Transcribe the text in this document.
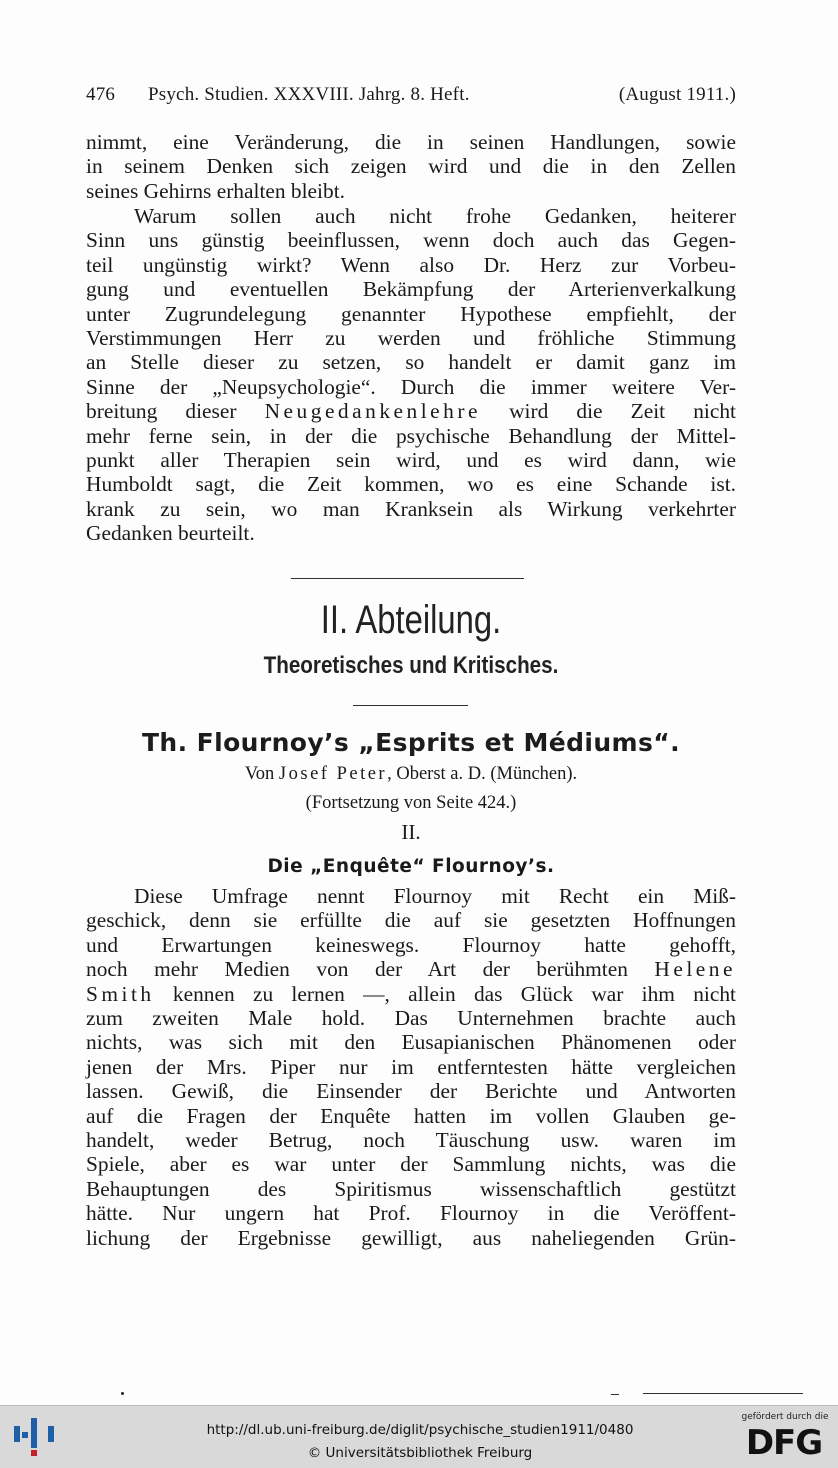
476	Psych. Studien. XXXVIII. Jahrg. 8. Heft.	(August 1911.)

nimmt, eine Veränderung, die in seinen Handlungen, sowie

in seinem Denken sich zeigen wird und die in den Zellen

seines Gehirns erhalten bleibt.

Warum sollen auch nicht frohe Gedanken, heiterer

Sinn uns günstig beeinflussen, wenn doch auch das Gegen-

teil ungünstig wirkt? Wenn also Dr. Herz zur Vorbeu-

gung und eventuellen Bekämpfung der Arterienverkalkung

unter Zugrundelegung genannter Hypothese empfiehlt, der

Verstimmungen Herr zu werden und fröhliche Stimmung

an Stelle dieser zu setzen, so handelt er damit ganz im

Sinne der „Neupsychologie“. Durch die immer weitere Ver-

breitung dieser Neugedankenlehre wird die Zeit nicht

mehr ferne sein, in der die psychische Behandlung der Mittel-

punkt aller Therapien sein wird, und es wird dann, wie

Humboldt sagt, die Zeit kommen, wo es eine Schande ist.

krank zu sein, wo man Kranksein als Wirkung verkehrter

Gedanken beurteilt.

II. Abteilung.
Theoretisches und Kritisches.
Th. Flournoy’s „Esprits et Médiums“.
Von Josef Peter, Oberst a. D. (München).
(Fortsetzung von Seite 424.)
II.
Die „Enquête“ Flournoy’s.

Diese Umfrage nennt Flournoy mit Recht ein Miß-

geschick, denn sie erfüllte die auf sie gesetzten Hoffnungen

und Erwartungen keineswegs. Flournoy hatte gehofft,

noch mehr Medien von der Art der berühmten Helene

Smith kennen zu lernen —, allein das Glück war ihm nicht

zum zweiten Male hold. Das Unternehmen brachte auch

nichts, was sich mit den Eusapianischen Phänomenen oder

jenen der Mrs. Piper nur im entferntesten hätte vergleichen

lassen. Gewiß, die Einsender der Berichte und Antworten

auf die Fragen der Enquête hatten im vollen Glauben ge-

handelt, weder Betrug, noch Täuschung usw. waren im

Spiele, aber es war unter der Sammlung nichts, was die

Behauptungen des Spiritismus wissenschaftlich gestützt

hätte. Nur ungern hat Prof. Flournoy in die Veröffent-

lichung der Ergebnisse gewilligt, aus naheliegenden Grün-

http://dl.ub.uni-freiburg.de/diglit/psychische_studien1911/0480
© Universitätsbibliothek Freiburg
gefördert durch die
DFG
